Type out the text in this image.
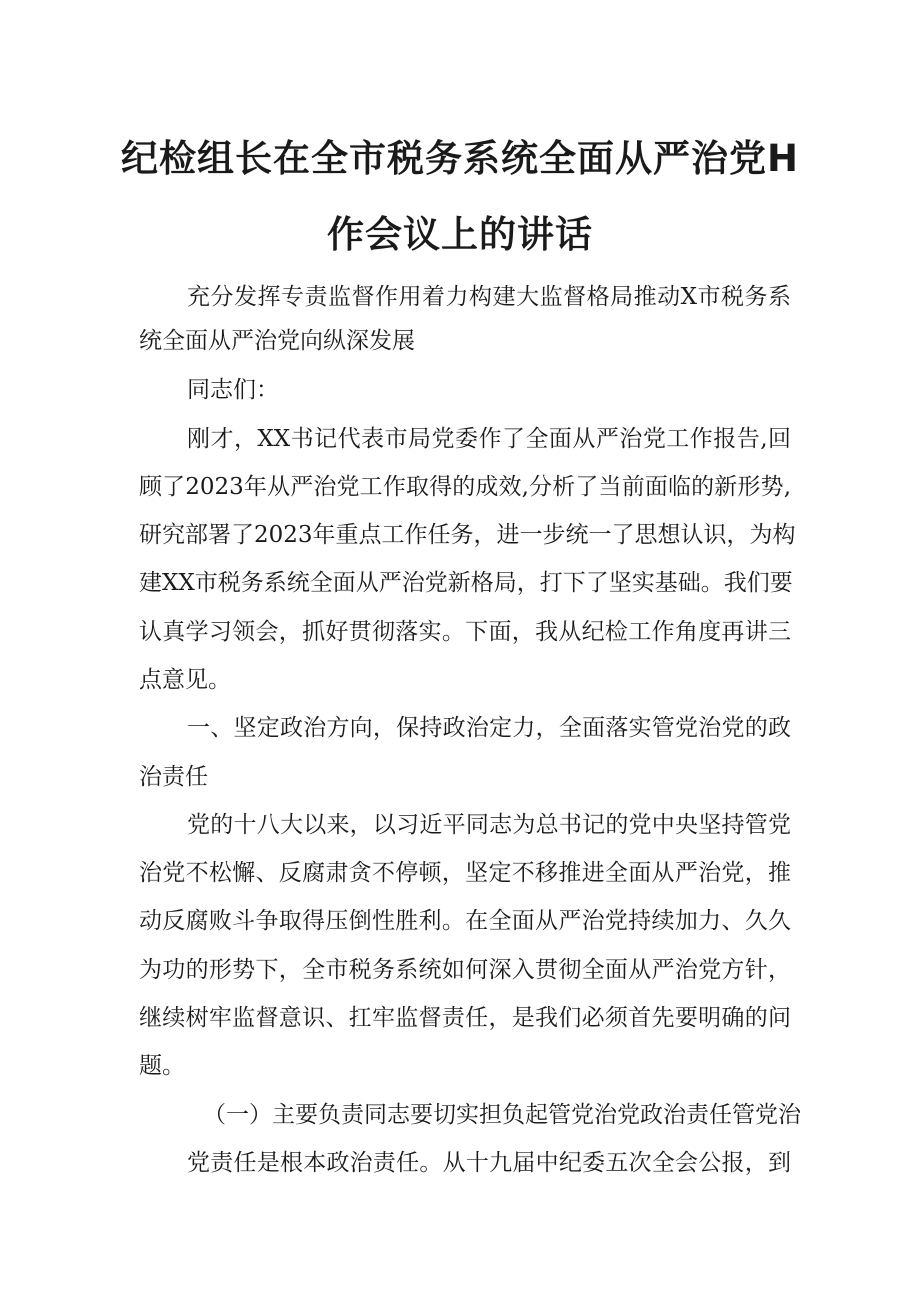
纪检组长在全市税务系统全面从严治党H
作会议上的讲话
充分发挥专责监督作用着力构建大监督格局推动X市税务系
统全面从严治党向纵深发展
同志们：
刚才，XX书记代表市局党委作了全面从严治党工作报告,回
顾了2023年从严治党工作取得的成效,分析了当前面临的新形势,
研究部署了2023年重点工作任务，进一步统一了思想认识，为构
建XX市税务系统全面从严治党新格局，打下了坚实基础。我们要
认真学习领会，抓好贯彻落实。下面，我从纪检工作角度再讲三
点意见。
一、坚定政治方向，保持政治定力，全面落实管党治党的政
治责任
党的十八大以来，以习近平同志为总书记的党中央坚持管党
治党不松懈、反腐肃贪不停顿，坚定不移推进全面从严治党，推
动反腐败斗争取得压倒性胜利。在全面从严治党持续加力、久久
为功的形势下，全市税务系统如何深入贯彻全面从严治党方针，
继续树牢监督意识、扛牢监督责任，是我们必须首先要明确的问
题。
（一）主要负责同志要切实担负起管党治党政治责任管党治
党责任是根本政治责任。从十九届中纪委五次全会公报，到
